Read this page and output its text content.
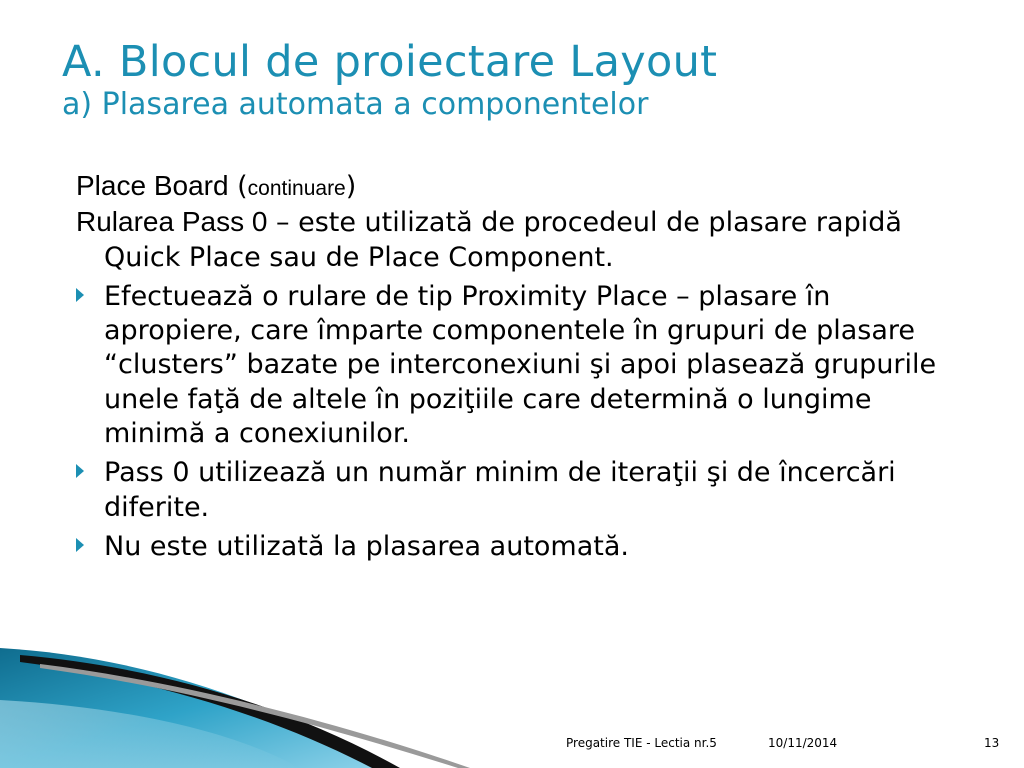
A. Blocul de proiectare Layout
a) Plasarea automata a componentelor

Place Board (continuare)

Rularea Pass 0 – este utilizată de procedeul de plasare rapidă Quick Place sau de Place Component.

Efectuează o rulare de tip Proximity Place – plasare în apropiere, care împarte componentele în grupuri de plasare “clusters” bazate pe interconexiuni şi apoi plasează grupurile unele faţă de altele în poziţiile care determină o lungime minimă a conexiunilor.

Pass 0 utilizează un număr minim de iteraţii şi de încercări diferite.

Nu este utilizată la plasarea automată.

Pregatire TIE - Lectia nr.5	10/11/2014	13
